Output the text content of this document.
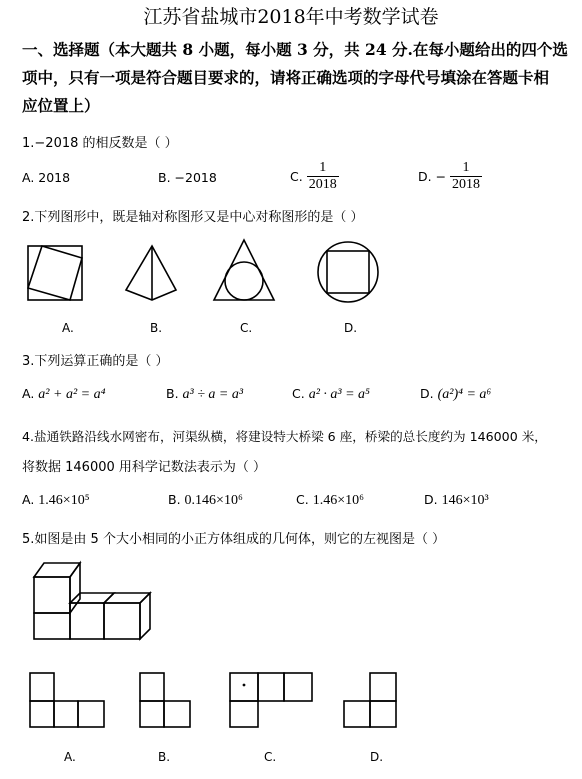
江苏省盐城市2018年中考数学试卷
一、选择题（本大题共 8 小题，每小题 3 分，共 24 分.在每小题给出的四个选
项中，只有一项是符合题目要求的，请将正确选项的字母代号填涂在答题卡相
应位置上）
1.−2018 的相反数是（ ）
A. 2018	B. −2018	C. $\frac{1}{2018}$	D. − $\frac{1}{2018}$
2.下列图形中，既是轴对称图形又是中心对称图形的是（ ）
A.	B.	C.	D.
3.下列运算正确的是（ ）
A. a² + a² = a⁴	B. a³ ÷ a = a³	C. a² · a³ = a⁵	D. (a²)⁴ = a⁶
4.盐通铁路沿线水网密布，河渠纵横，将建设特大桥梁 6 座，桥梁的总长度约为 146000 米，
将数据 146000 用科学记数法表示为（ ）
A. 1.46×10⁵	B. 0.146×10⁶	C. 1.46×10⁶	D. 146×10³
5.如图是由 5 个大小相同的小正方体组成的几何体，则它的左视图是（ ）
A.	B.	C.	D.
